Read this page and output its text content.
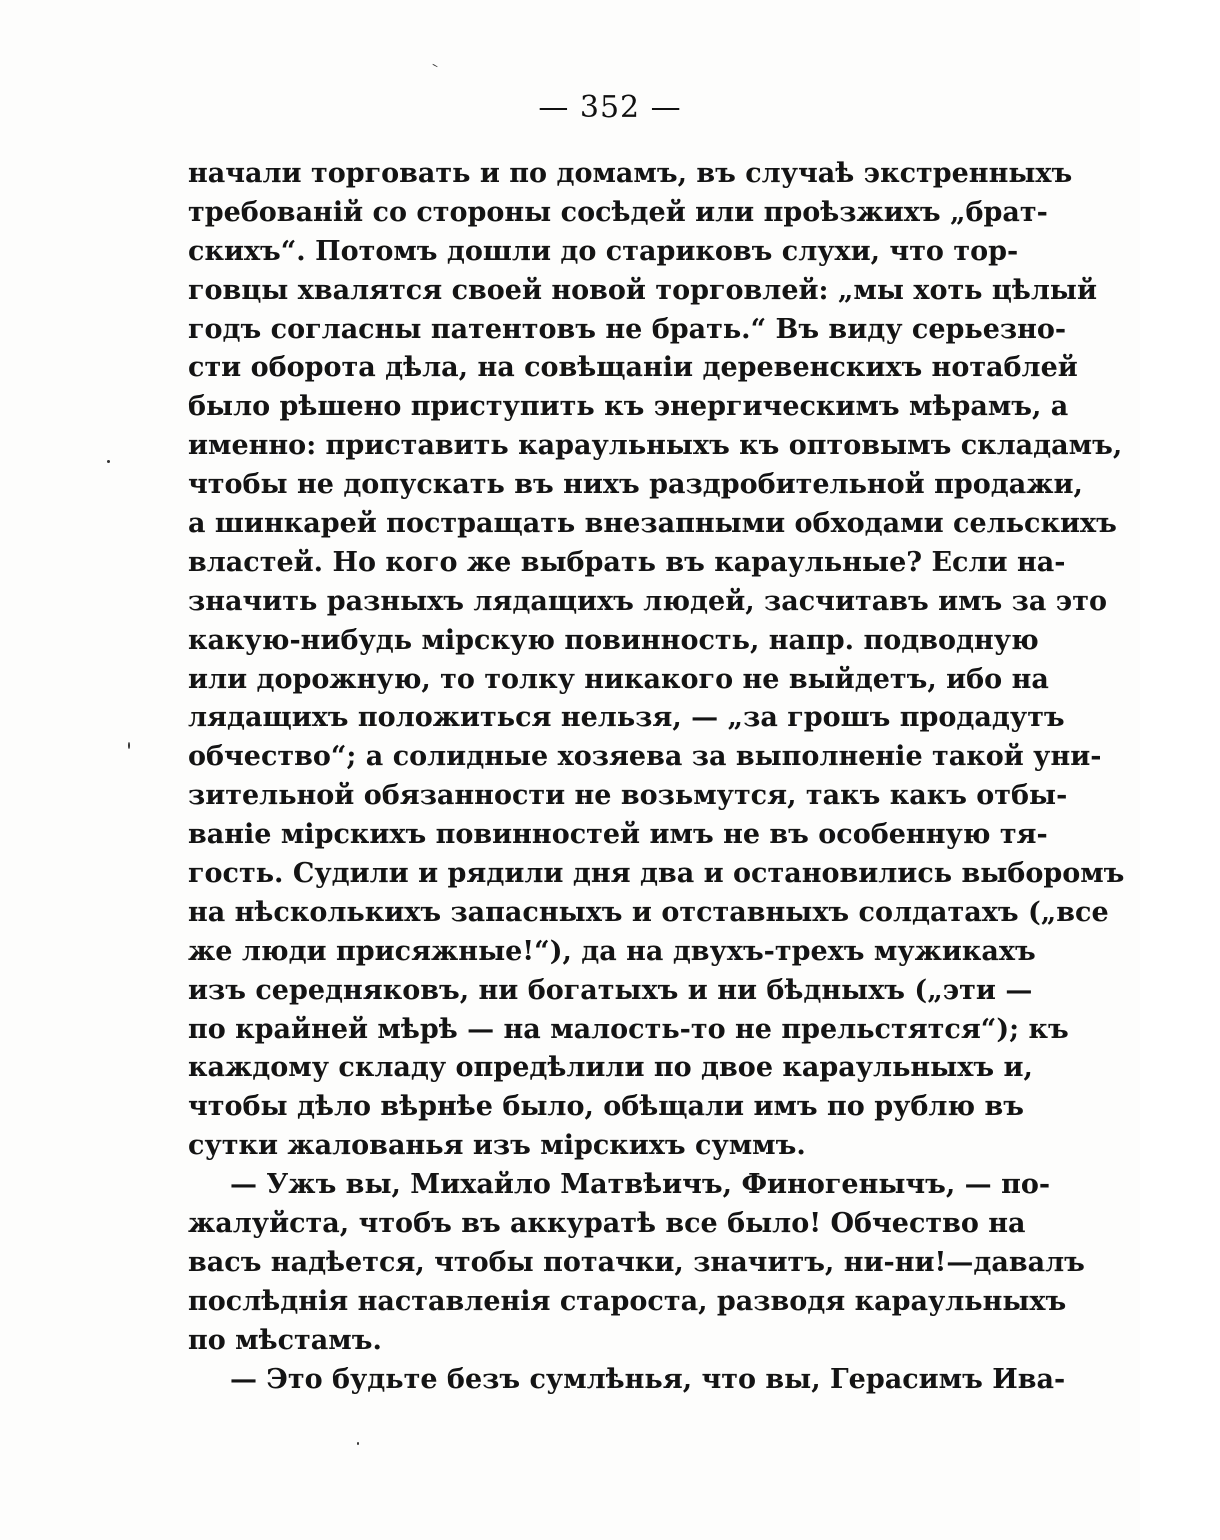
— 352 —
начали торговать и по домамъ, въ случаѣ экстренныхъ
требованій со стороны сосѣдей или проѣзжихъ „брат-
скихъ“. Потомъ дошли до стариковъ слухи, что тор-
говцы хвалятся своей новой торговлей: „мы хоть цѣлый
годъ согласны патентовъ не брать.“ Въ виду серьезно-
сти оборота дѣла, на совѣщаніи деревенскихъ нотаблей
было рѣшено приступить къ энергическимъ мѣрамъ, а
именно: приставить караульныхъ къ оптовымъ складамъ,
чтобы не допускать въ нихъ раздробительной продажи,
а шинкарей постращать внезапными обходами сельскихъ
властей. Но кого же выбрать въ караульные? Если на-
значить разныхъ лядащихъ людей, засчитавъ имъ за это
какую-нибудь мірскую повинность, напр. подводную
или дорожную, то толку никакого не выйдетъ, ибо на
лядащихъ положиться нельзя, — „за грошъ продадутъ
обчество“; а солидные хозяева за выполненіе такой уни-
зительной обязанности не возьмутся, такъ какъ отбы-
ваніе мірскихъ повинностей имъ не въ особенную тя-
гость. Судили и рядили дня два и остановились выборомъ
на нѣсколькихъ запасныхъ и отставныхъ солдатахъ („все
же люди присяжные!“), да на двухъ-трехъ мужикахъ
изъ середняковъ, ни богатыхъ и ни бѣдныхъ („эти —
по крайней мѣрѣ — на малость-то не прельстятся“); къ
каждому складу опредѣлили по двое караульныхъ и,
чтобы дѣло вѣрнѣе было, обѣщали имъ по рублю въ
сутки жалованья изъ мірскихъ суммъ.
— Ужъ вы, Михайло Матвѣичъ, Финогенычъ, — по-
жалуйста, чтобъ въ аккуратѣ все было! Обчество на
васъ надѣется, чтобы потачки, значитъ, ни-ни!—давалъ
послѣднія наставленія староста, разводя караульныхъ
по мѣстамъ.
— Это будьте безъ сумлѣнья, что вы, Герасимъ Ива-
